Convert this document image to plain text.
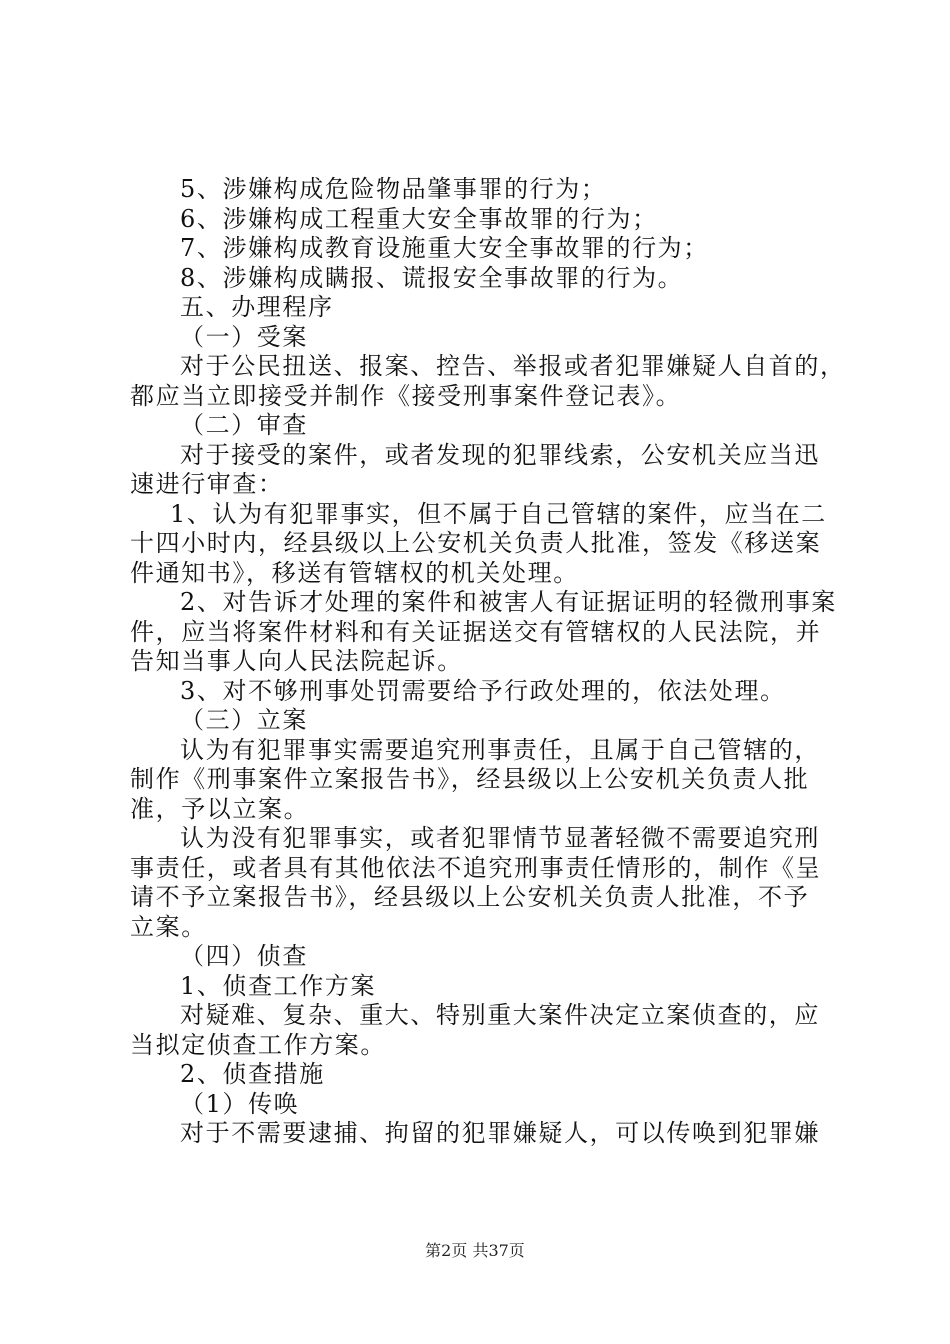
5、涉嫌构成危险物品肇事罪的行为；
6、涉嫌构成工程重大安全事故罪的行为；
7、涉嫌构成教育设施重大安全事故罪的行为；
8、涉嫌构成瞒报、谎报安全事故罪的行为。
五、办理程序
（一）受案
对于公民扭送、报案、控告、举报或者犯罪嫌疑人自首的，
都应当立即接受并制作《接受刑事案件登记表》。
（二）审查
对于接受的案件，或者发现的犯罪线索，公安机关应当迅
速进行审查：
1、认为有犯罪事实，但不属于自己管辖的案件，应当在二
十四小时内，经县级以上公安机关负责人批准，签发《移送案
件通知书》，移送有管辖权的机关处理。
2、对告诉才处理的案件和被害人有证据证明的轻微刑事案
件，应当将案件材料和有关证据送交有管辖权的人民法院，并
告知当事人向人民法院起诉。
3、对不够刑事处罚需要给予行政处理的，依法处理。
（三）立案
认为有犯罪事实需要追究刑事责任，且属于自己管辖的，
制作《刑事案件立案报告书》，经县级以上公安机关负责人批
准，予以立案。
认为没有犯罪事实，或者犯罪情节显著轻微不需要追究刑
事责任，或者具有其他依法不追究刑事责任情形的，制作《呈
请不予立案报告书》，经县级以上公安机关负责人批准，不予
立案。
（四）侦查
1、侦查工作方案
对疑难、复杂、重大、特别重大案件决定立案侦查的，应
当拟定侦查工作方案。
2、侦查措施
（1）传唤
对于不需要逮捕、拘留的犯罪嫌疑人，可以传唤到犯罪嫌
第2页 共37页
